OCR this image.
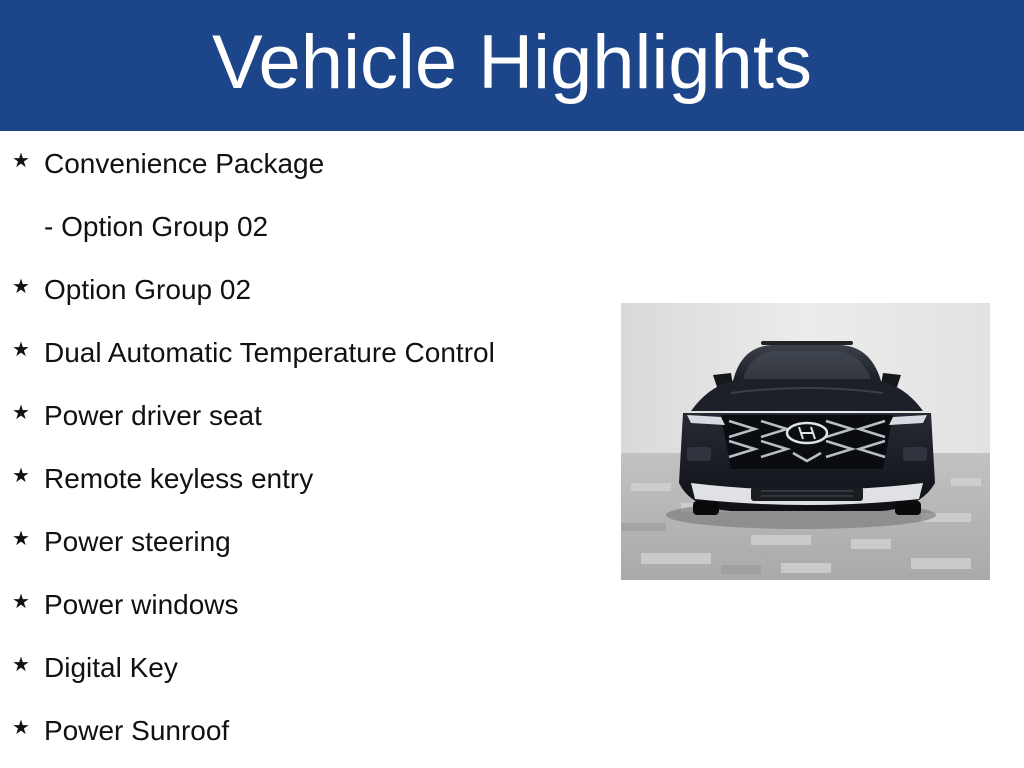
Vehicle Highlights
★ Convenience Package
- Option Group 02
★ Option Group 02
★ Dual Automatic Temperature Control
★ Power driver seat
★ Remote keyless entry
★ Power steering
★ Power windows
★ Digital Key
★ Power Sunroof
